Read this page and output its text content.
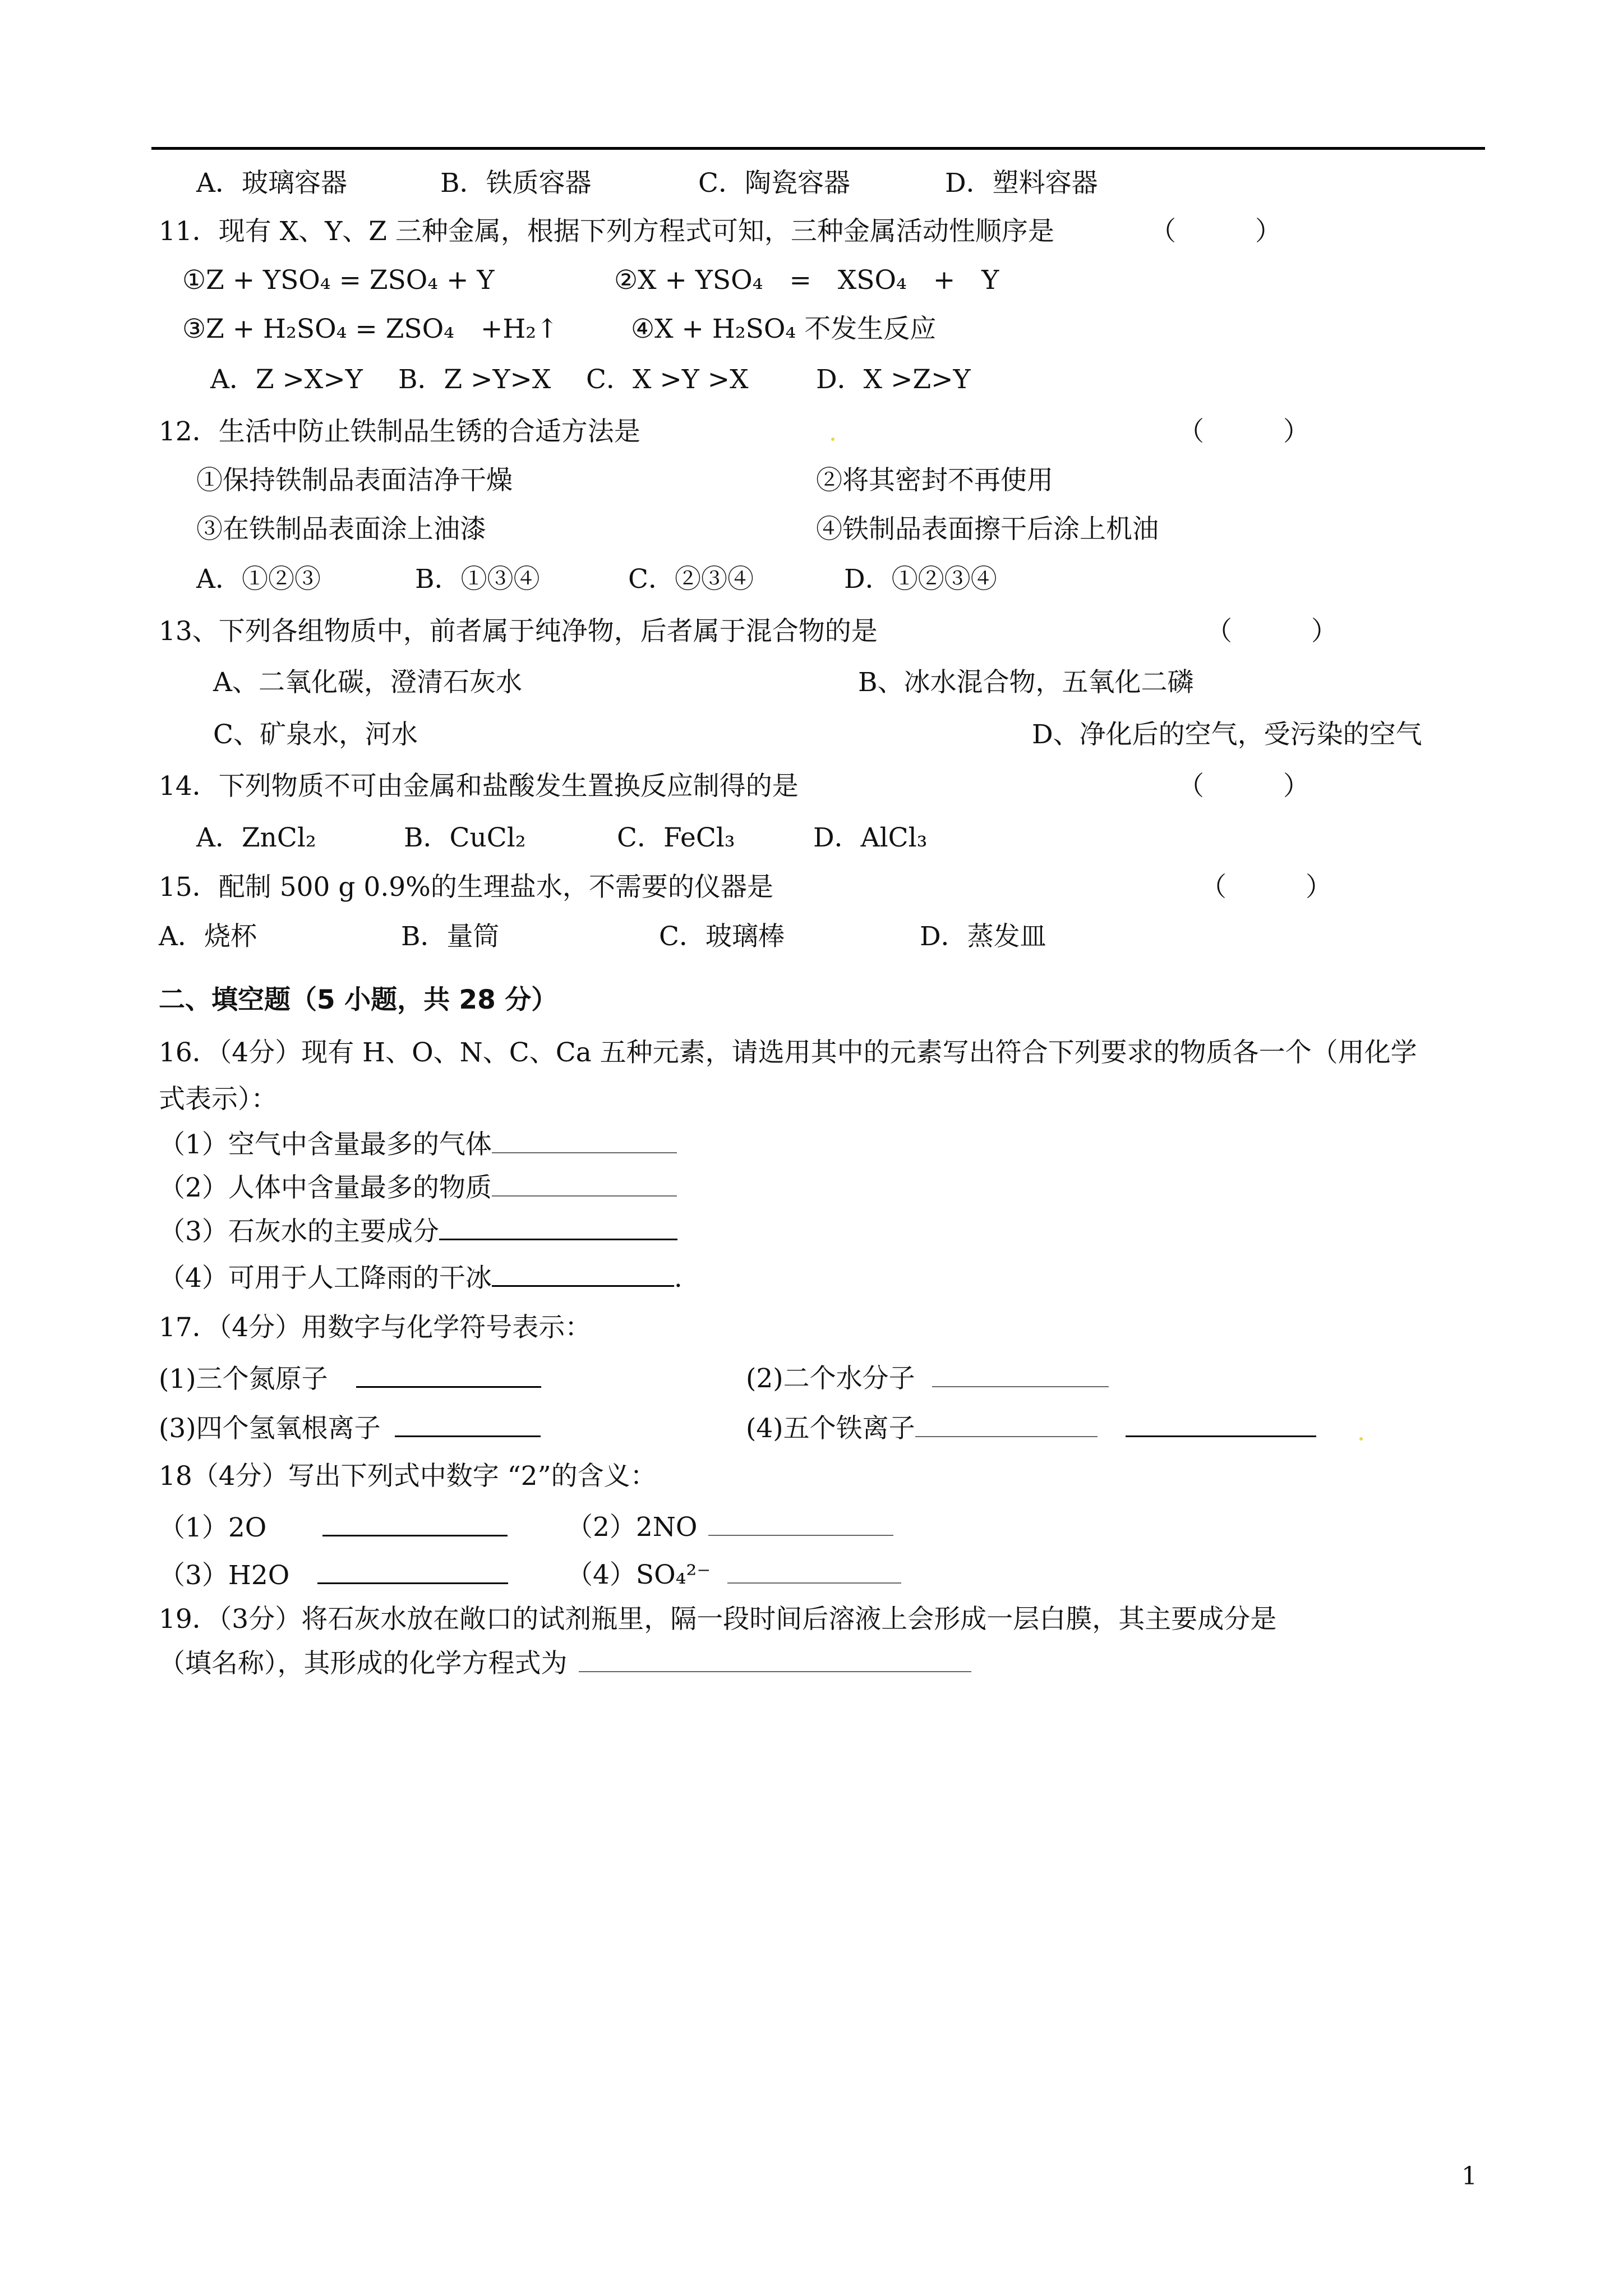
A．玻璃容器	B．铁质容器	C．陶瓷容器	D．塑料容器
11．现有 X、Y、Z 三种金属，根据下列方程式可知，三种金属活动性顺序是	（　　　）
①Z + YSO₄ = ZSO₄ + Y	②X + YSO₄　=　XSO₄　+　Y
③Z + H₂SO₄ = ZSO₄　+H₂↑	④X + H₂SO₄ 不发生反应
A．Z >X>Y B．Z >Y>X C．X >Y >X	D．X >Z>Y
12．生活中防止铁制品生锈的合适方法是	（　　　）
①保持铁制品表面洁净干燥	②将其密封不再使用
③在铁制品表面涂上油漆	④铁制品表面擦干后涂上机油
A．①②③	B．①③④	C．②③④	D．①②③④
13、下列各组物质中，前者属于纯净物，后者属于混合物的是	（　　　）
A、二氧化碳，澄清石灰水	B、冰水混合物，五氧化二磷
C、矿泉水，河水	D、净化后的空气，受污染的空气
14．下列物质不可由金属和盐酸发生置换反应制得的是	（　　　）
A．ZnCl₂	B．CuCl₂	C．FeCl₃	D．AlCl₃
15．配制 500 g 0.9%的生理盐水，不需要的仪器是	（　　　）
A．烧杯	B．量筒	C．玻璃棒	D．蒸发皿
二、填空题（5 小题，共 28 分）
16．（4分）现有 H、O、N、C、Ca 五种元素，请选用其中的元素写出符合下列要求的物质各一个（用化学
式表示）：
（1）空气中含量最多的气体
（2）人体中含量最多的物质
（3）石灰水的主要成分
（4）可用于人工降雨的干冰	.
17．（4分）用数字与化学符号表示：
(1)三个氮原子	(2)二个水分子
(3)四个氢氧根离子	(4)五个铁离子
18（4分）写出下列式中数字 “2”的含义：
（1）2O	（2）2NO
（3）H2O	（4）SO₄²⁻
19．（3分）将石灰水放在敞口的试剂瓶里，隔一段时间后溶液上会形成一层白膜，其主要成分是
（填名称），其形成的化学方程式为
1
